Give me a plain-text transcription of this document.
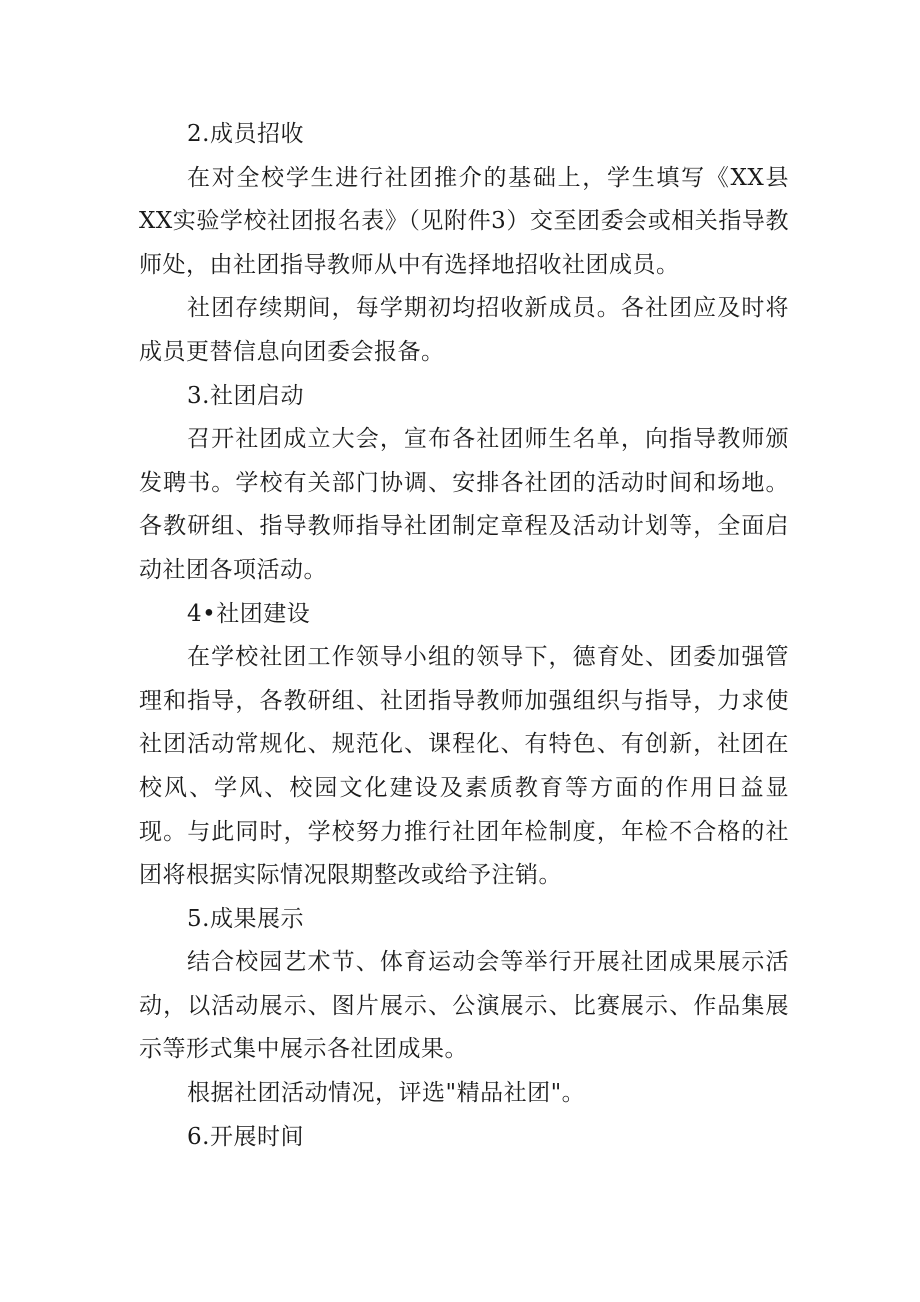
2.成员招收

在对全校学生进行社团推介的基础上，学生填写《XX县XX实验学校社团报名表》（见附件3）交至团委会或相关指导教师处，由社团指导教师从中有选择地招收社团成员。

社团存续期间，每学期初均招收新成员。各社团应及时将成员更替信息向团委会报备。

3.社团启动

召开社团成立大会，宣布各社团师生名单，向指导教师颁发聘书。学校有关部门协调、安排各社团的活动时间和场地。各教研组、指导教师指导社团制定章程及活动计划等，全面启动社团各项活动。

4•社团建设

在学校社团工作领导小组的领导下，德育处、团委加强管理和指导，各教研组、社团指导教师加强组织与指导，力求使社团活动常规化、规范化、课程化、有特色、有创新，社团在校风、学风、校园文化建设及素质教育等方面的作用日益显现。与此同时，学校努力推行社团年检制度，年检不合格的社团将根据实际情况限期整改或给予注销。

5.成果展示

结合校园艺术节、体育运动会等举行开展社团成果展示活动，以活动展示、图片展示、公演展示、比赛展示、作品集展示等形式集中展示各社团成果。

根据社团活动情况，评选"精品社团"。

6.开展时间
